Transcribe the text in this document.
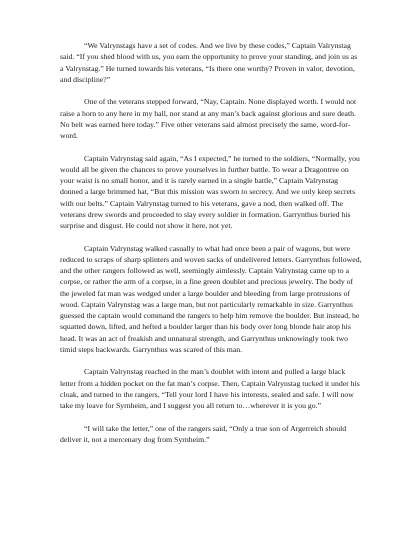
“We Valrynstags have a set of codes. And we live by these codes,” Captain Valrynstag said. “If you shed blood with us, you earn the opportunity to prove your standing, and join us as a Valrynstag.” He turned towards his veterans, “Is there one worthy? Proven in valor, devotion, and discipline?”

One of the veterans stepped forward, “Nay, Captain. None displayed worth. I would not raise a horn to any here in my hall, nor stand at any man’s back against glorious and sure death. No belt was earned here today.” Five other veterans said almost precisely the same, word-for-word.

Captain Valrynstag said again, “As I expected,” he turned to the soldiers, “Normally, you would all be given the chances to prove yourselves in further battle. To wear a Dragontree on your waist is no small honor, and it is rarely earned in a single battle,” Captain Valrynstag donned a large brimmed hat, “But this mission was sworn to secrecy. And we only keep secrets with our belts.” Captain Valrynstag turned to his veterans, gave a nod, then walked off. The veterans drew swords and proceeded to slay every soldier in formation. Garrynthus buried his surprise and disgust. He could not show it here, not yet.

Captain Valrynstag walked casually to what had once been a pair of wagons, but were reduced to scraps of sharp splinters and woven sacks of undelivered letters. Garrynthus followed, and the other rangers followed as well, seemingly aimlessly. Captain Valrynstag came up to a corpse, or rather the arm of a corpse, in a fine green doublet and precious jewelry. The body of the jeweled fat man was wedged under a large boulder and bleeding from large protrusions of wood. Captain Valrynstag was a large man, but not particularly remarkable in size. Garrynthus guessed the captain would command the rangers to help him remove the boulder. But instead, he squatted down, lifted, and hefted a boulder larger than his body over long blonde hair atop his head. It was an act of freakish and unnatural strength, and Garrynthus unknowingly took two timid steps backwards. Garrynthus was scared of this man.

Captain Valrynstag reached in the man’s doublet with intent and pulled a large black letter from a hidden pocket on the fat man’s corpse. Then, Captain Valrynstag tucked it under his cloak, and turned to the rangers, “Tell your lord I have his interests, sealed and safe. I will now take my leave for Syrnheim, and I suggest you all return to…wherever it is you go.”

“I will take the letter,” one of the rangers said, “Only a true son of Argerreich should deliver it, not a mercenary dog from Syrnheim.”
